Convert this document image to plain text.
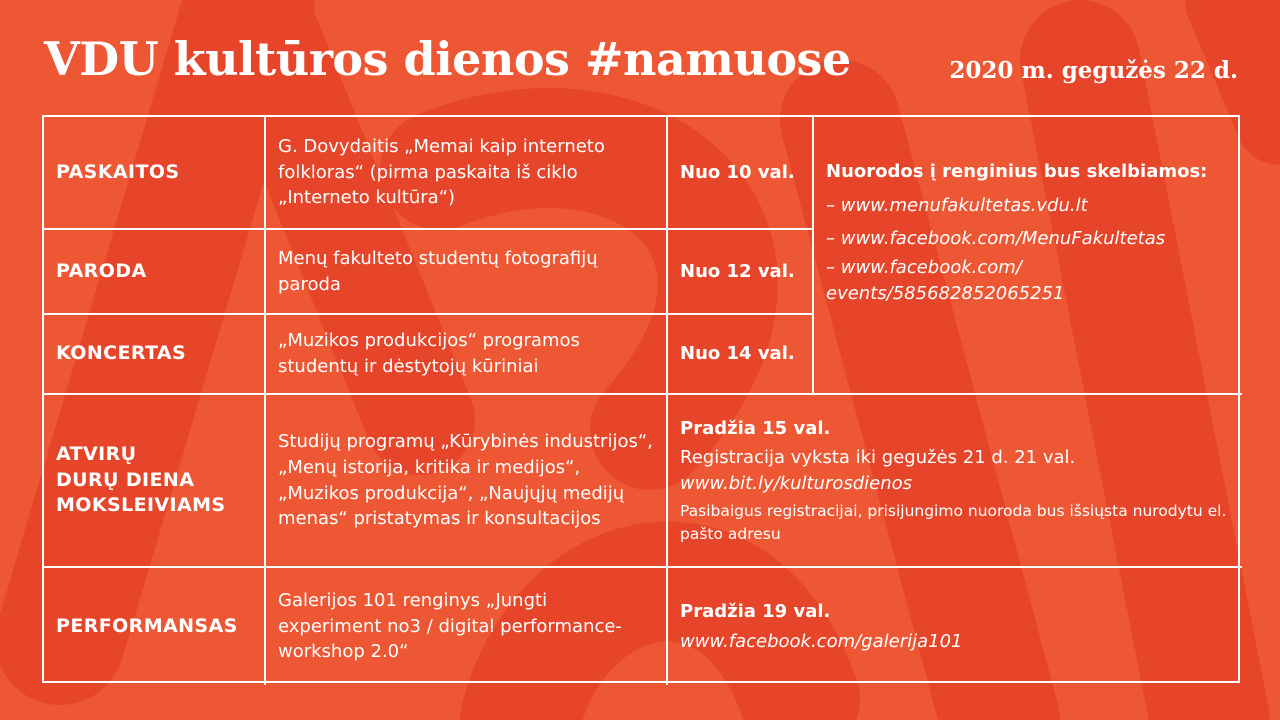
VDU kultūros dienos #namuose	2020 m. gegužės 22 d.
PASKAITOS
G. Dovydaitis „Memai kaip interneto folkloras“ (pirma paskaita iš ciklo „Interneto kultūra“)
Nuo 10 val.	Nuorodos į renginius bus skelbiamos:
– www.menufakultetas.vdu.lt
– www.facebook.com/MenuFakultetas
– www.facebook.com/ events/585682852065251
PARODA
Menų fakulteto studentų fotografijų paroda
Nuo 12 val.
KONCERTAS
„Muzikos produkcijos“ programos studentų ir dėstytojų kūriniai
Nuo 14 val.
ATVIRŲ
DURŲ DIENA
MOKSLEIVIAMS
Studijų programų „Kūrybinės industrijos“, „Menų istorija, kritika ir medijos“, „Muzikos produkcija“, „Naujųjų medijų menas“ pristatymas ir konsultacijos
Pradžia 15 val.
Registracija vyksta iki gegužės 21 d. 21 val.
www.bit.ly/kulturosdienos
Pasibaigus registracijai, prisijungimo nuoroda bus išsiųsta nurodytu el. pašto adresu
PERFORMANSAS
Galerijos 101 renginys „Jungti experiment no3 / digital performance-workshop 2.0“
Pradžia 19 val.
www.facebook.com/galerija101
